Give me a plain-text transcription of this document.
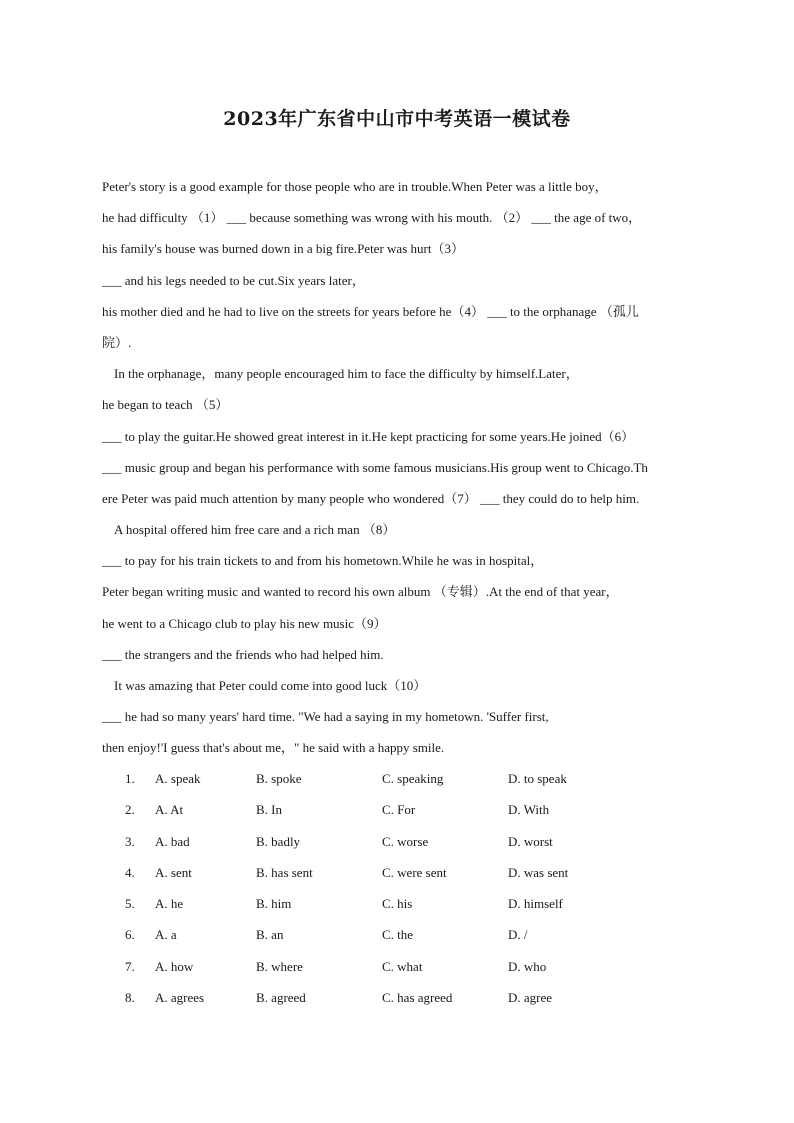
2023年广东省中山市中考英语一模试卷
Peter's story is a good example for those people who are in trouble.When Peter was a little boy，
he had difficulty （1） ___ because something was wrong with his mouth. （2） ___ the age of two，
his family's house was burned down in a big fire.Peter was hurt（3）
___ and his legs needed to be cut.Six years later，
his mother died and he had to live on the streets for years before he（4） ___ to the orphanage （孤儿
院）.
In the orphanage，many people encouraged him to face the difficulty by himself.Later，
he began to teach （5）
___ to play the guitar.He showed great interest in it.He kept practicing for some years.He joined（6）
___ music group and began his performance with some famous musicians.His group went to Chicago.Th
ere Peter was paid much attention by many people who wondered（7） ___ they could do to help him.
A hospital offered him free care and a rich man （8）
___ to pay for his train tickets to and from his hometown.While he was in hospital，
Peter began writing music and wanted to record his own album （专辑）.At the end of that year，
he went to a Chicago club to play his new music（9）
___ the strangers and the friends who had helped him.
It was amazing that Peter could come into good luck（10）
___ he had so many years' hard time. "We had a saying in my hometown. 'Suffer first,
then enjoy!'I guess that's about me，" he said with a happy smile.
1. A. speak	B. spoke	C. speaking	D. to speak
2. A. At	B. In	C. For	D. With
3. A. bad	B. badly	C. worse	D. worst
4. A. sent	B. has sent	C. were sent	D. was sent
5. A. he	B. him	C. his	D. himself
6. A. a	B. an	C. the	D. /
7. A. how	B. where	C. what	D. who
8. A. agrees	B. agreed	C. has agreed	D. agree
